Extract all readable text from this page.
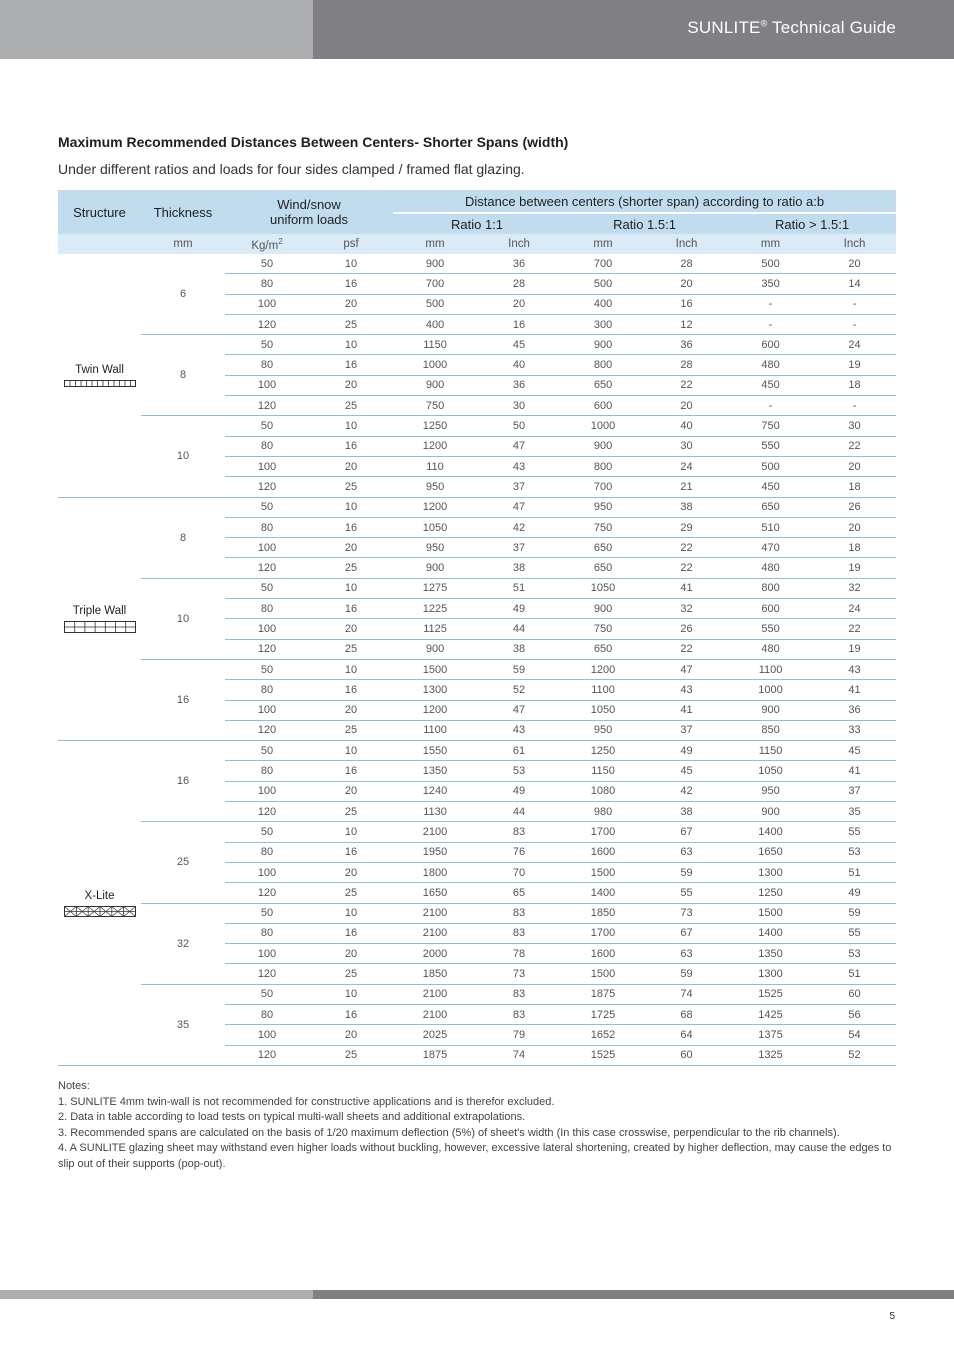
SUNLITE® Technical Guide
Maximum Recommended Distances Between Centers- Shorter Spans (width)
Under different ratios and loads for four sides clamped / framed flat glazing.
Structure	Thickness	Wind/snow
uniform loads		Distance between centers (shorter span) according to ratio a:b					
				Ratio 1:1		Ratio 1.5:1		Ratio > 1.5:1	
	mm	$Kg/m^2$	psf	mm	Inch	mm	Inch	mm	Inch

Twin Wall	6	50	10	900	36	700	28	500	20
		80	16	700	28	500	20	350	14
		100	20	500	20	400	16	-	-
		120	25	400	16	300	12	-	-
	8	50	10	1150	45	900	36	600	24
		80	16	1000	40	800	28	480	19
		100	20	900	36	650	22	450	18
		120	25	750	30	600	20	-	-
	10	50	10	1250	50	1000	40	750	30
		80	16	1200	47	900	30	550	22
		100	20	110	43	800	24	500	20
		120	25	950	37	700	21	450	18

Triple Wall	8	50	10	1200	47	950	38	650	26
		80	16	1050	42	750	29	510	20
		100	20	950	37	650	22	470	18
		120	25	900	38	650	22	480	19
	10	50	10	1275	51	1050	41	800	32
		80	16	1225	49	900	32	600	24
		100	20	1125	44	750	26	550	22
		120	25	900	38	650	22	480	19
	16	50	10	1500	59	1200	47	1100	43
		80	16	1300	52	1100	43	1000	41
		100	20	1200	47	1050	41	900	36
		120	25	1100	43	950	37	850	33

X-Lite	16	50	10	1550	61	1250	49	1150	45
		80	16	1350	53	1150	45	1050	41
		100	20	1240	49	1080	42	950	37
		120	25	1130	44	980	38	900	35
	25	50	10	2100	83	1700	67	1400	55
		80	16	1950	76	1600	63	1650	53
		100	20	1800	70	1500	59	1300	51
		120	25	1650	65	1400	55	1250	49
	32	50	10	2100	83	1850	73	1500	59
		80	16	2100	83	1700	67	1400	55
		100	20	2000	78	1600	63	1350	53
		120	25	1850	73	1500	59	1300	51
	35	50	10	2100	83	1875	74	1525	60
		80	16	2100	83	1725	68	1425	56
		100	20	2025	79	1652	64	1375	54
		120	25	1875	74	1525	60	1325	52
Notes:
1. SUNLITE 4mm twin-wall is not recommended for constructive applications and is therefor excluded.
2. Data in table according to load tests on typical multi-wall sheets and additional extrapolations.
3. Recommended spans are calculated on the basis of 1/20 maximum deflection (5%) of sheet's width (In this case crosswise, perpendicular to the rib channels).
4. A SUNLITE glazing sheet may withstand even higher loads without buckling, however, excessive lateral shortening, created by higher deflection, may cause the edges to slip out of their supports (pop-out).
5
